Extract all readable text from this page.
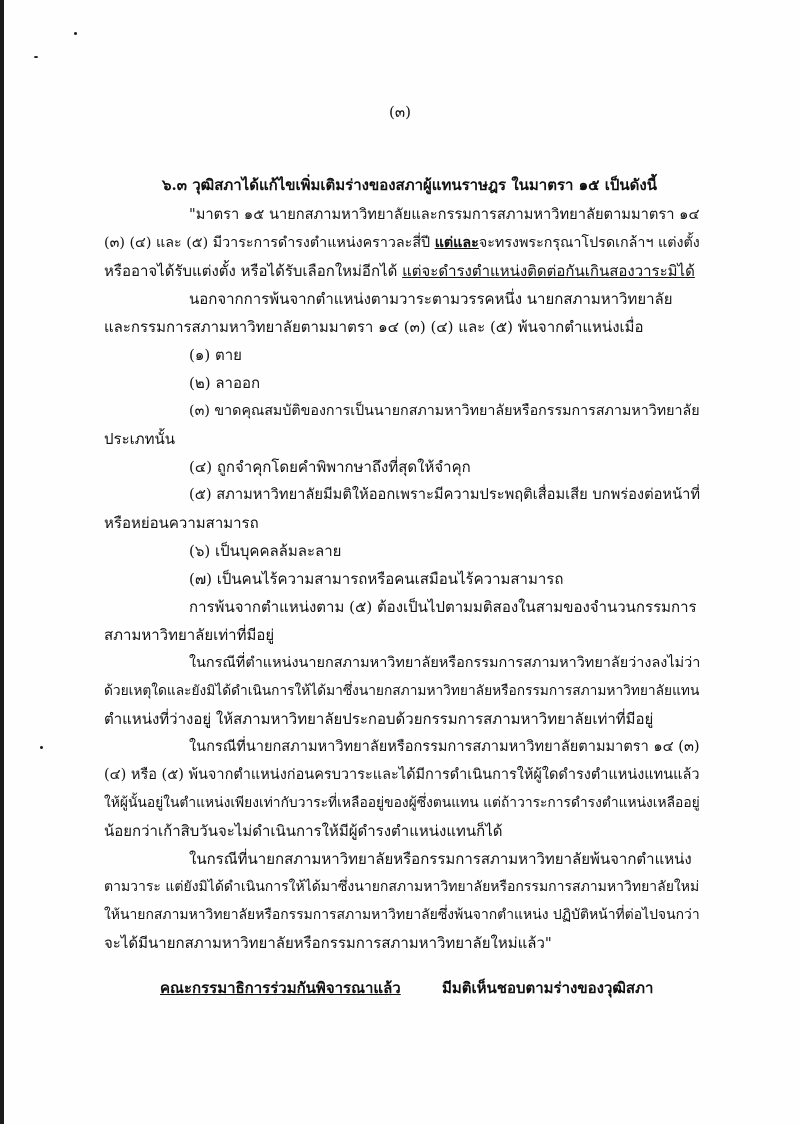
(๓)
๖.๓ วุฒิสภาได้แก้ไขเพิ่มเติมร่างของสภาผู้แทนราษฎร ในมาตรา ๑๕ เป็นดังนี้
"มาตรา ๑๕ นายกสภามหาวิทยาลัยและกรรมการสภามหาวิทยาลัยตามมาตรา ๑๔
(๓) (๔) และ (๕) มีวาระการดำรงตำแหน่งคราวละสี่ปี แต่และจะทรงพระกรุณาโปรดเกล้าฯ แต่งตั้ง
หรืออาจได้รับแต่งตั้ง หรือได้รับเลือกใหม่อีกได้ แต่จะดำรงตำแหน่งติดต่อกันเกินสองวาระมิได้
นอกจากการพ้นจากตำแหน่งตามวาระตามวรรคหนึ่ง นายกสภามหาวิทยาลัย
และกรรมการสภามหาวิทยาลัยตามมาตรา ๑๔ (๓) (๔) และ (๕) พ้นจากตำแหน่งเมื่อ
(๑) ตาย
(๒) ลาออก
(๓) ขาดคุณสมบัติของการเป็นนายกสภามหาวิทยาลัยหรือกรรมการสภามหาวิทยาลัย
ประเภทนั้น
(๔) ถูกจำคุกโดยคำพิพากษาถึงที่สุดให้จำคุก
(๕) สภามหาวิทยาลัยมีมติให้ออกเพราะมีความประพฤติเสื่อมเสีย บกพร่องต่อหน้าที่
หรือหย่อนความสามารถ
(๖) เป็นบุคคลล้มละลาย
(๗) เป็นคนไร้ความสามารถหรือคนเสมือนไร้ความสามารถ
การพ้นจากตำแหน่งตาม (๕) ต้องเป็นไปตามมติสองในสามของจำนวนกรรมการ
สภามหาวิทยาลัยเท่าที่มีอยู่
ในกรณีที่ตำแหน่งนายกสภามหาวิทยาลัยหรือกรรมการสภามหาวิทยาลัยว่างลงไม่ว่า
ด้วยเหตุใดและยังมิได้ดำเนินการให้ได้มาซึ่งนายกสภามหาวิทยาลัยหรือกรรมการสภามหาวิทยาลัยแทน
ตำแหน่งที่ว่างอยู่ ให้สภามหาวิทยาลัยประกอบด้วยกรรมการสภามหาวิทยาลัยเท่าที่มีอยู่
ในกรณีที่นายกสภามหาวิทยาลัยหรือกรรมการสภามหาวิทยาลัยตามมาตรา ๑๔ (๓)
(๔) หรือ (๕) พ้นจากตำแหน่งก่อนครบวาระและได้มีการดำเนินการให้ผู้ใดดำรงตำแหน่งแทนแล้ว
ให้ผู้นั้นอยู่ในตำแหน่งเพียงเท่ากับวาระที่เหลืออยู่ของผู้ซึ่งตนแทน แต่ถ้าวาระการดำรงตำแหน่งเหลืออยู่
น้อยกว่าเก้าสิบวันจะไม่ดำเนินการให้มีผู้ดำรงตำแหน่งแทนก็ได้
ในกรณีที่นายกสภามหาวิทยาลัยหรือกรรมการสภามหาวิทยาลัยพ้นจากตำแหน่ง
ตามวาระ แต่ยังมิได้ดำเนินการให้ได้มาซึ่งนายกสภามหาวิทยาลัยหรือกรรมการสภามหาวิทยาลัยใหม่
ให้นายกสภามหาวิทยาลัยหรือกรรมการสภามหาวิทยาลัยซึ่งพ้นจากตำแหน่ง ปฏิบัติหน้าที่ต่อไปจนกว่า
จะได้มีนายกสภามหาวิทยาลัยหรือกรรมการสภามหาวิทยาลัยใหม่แล้ว"
คณะกรรมาธิการร่วมกันพิจารณาแล้ว	มีมติเห็นชอบตามร่างของวุฒิสภา
